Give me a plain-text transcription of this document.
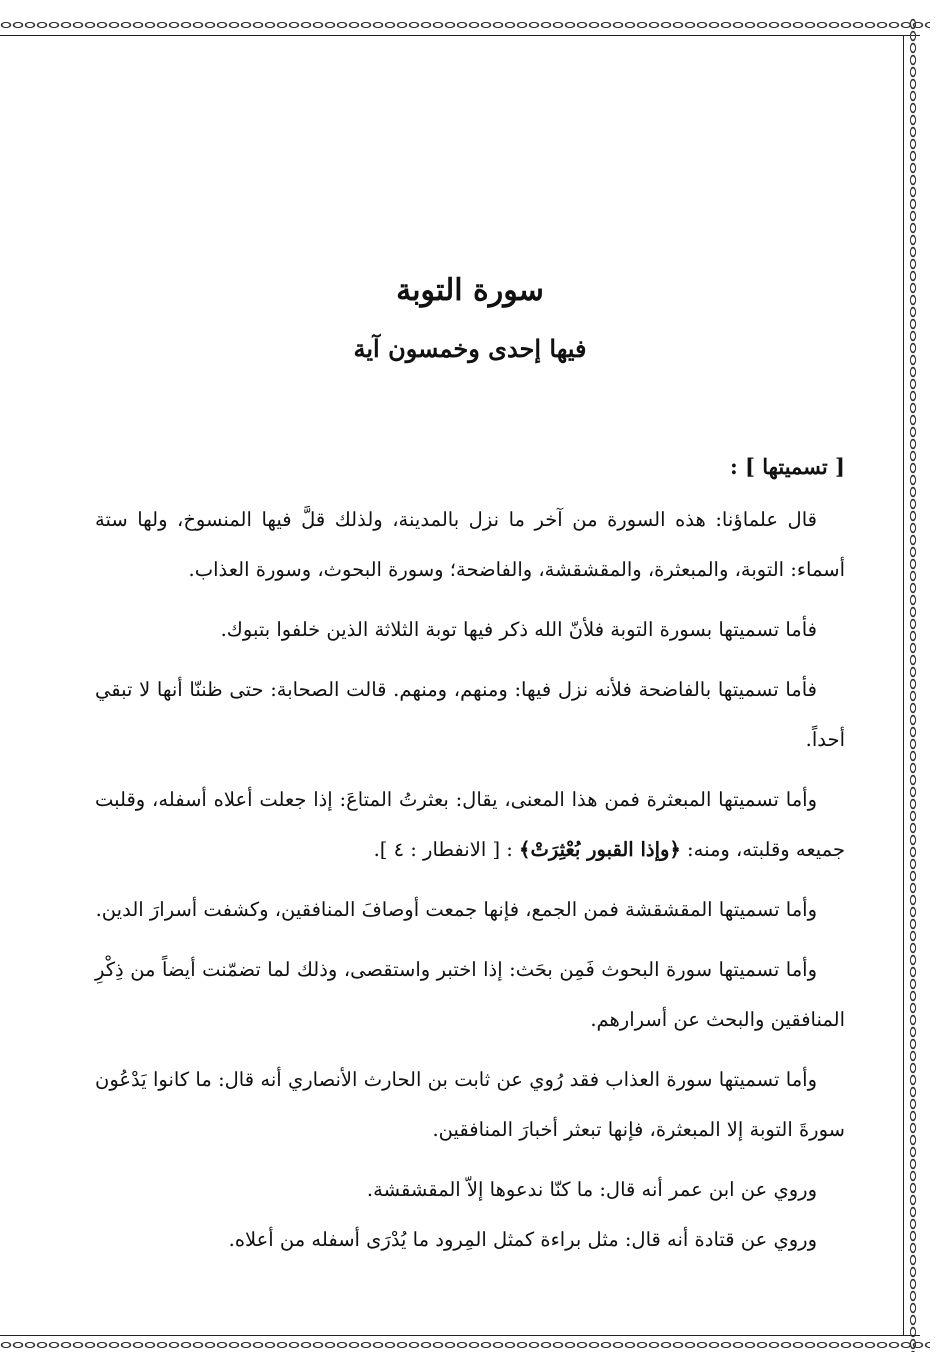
سورة التوبة
فيها إحدى وخمسون آية
[ تسميتها ] :

قال علماؤنا: هذه السورة من آخر ما نزل بالمدينة، ولذلك قلَّ فيها المنسوخ، ولها ستة أسماء: التوبة، والمبعثرة، والمقشقشة، والفاضحة؛ وسورة البحوث، وسورة العذاب.

فأما تسميتها بسورة التوبة فلأنّ الله ذكر فيها توبة الثلاثة الذين خلفوا بتبوك.

فأما تسميتها بالفاضحة فلأنه نزل فيها: ومنهم، ومنهم. قالت الصحابة: حتى ظننّا أنها لا تبقي أحداً.

وأما تسميتها المبعثرة فمن هذا المعنى، يقال: بعثرتُ المتاعَ: إذا جعلت أعلاه أسفله، وقلبت جميعه وقلبته، ومنه: ﴿وإذا القبور بُعْثِرَتْ﴾ : [ الانفطار : ٤ ].

وأما تسميتها المقشقشة فمن الجمع، فإنها جمعت أوصافَ المنافقين، وكشفت أسرارَ الدين.

وأما تسميتها سورة البحوث فَمِن بحَث: إذا اختبر واستقصى، وذلك لما تضمّنت أيضاً من ذِكْرِ المنافقين والبحث عن أسرارهم.

وأما تسميتها سورة العذاب فقد رُوي عن ثابت بن الحارث الأنصاري أنه قال: ما كانوا يَدْعُون سورةَ التوبة إلا المبعثرة، فإنها تبعثر أخبارَ المنافقين.

وروي عن ابن عمر أنه قال: ما كنّا ندعوها إلاّ المقشقشة.

وروي عن قتادة أنه قال: مثل براءة كمثل المِرود ما يُدْرَى أسفله من أعلاه.
